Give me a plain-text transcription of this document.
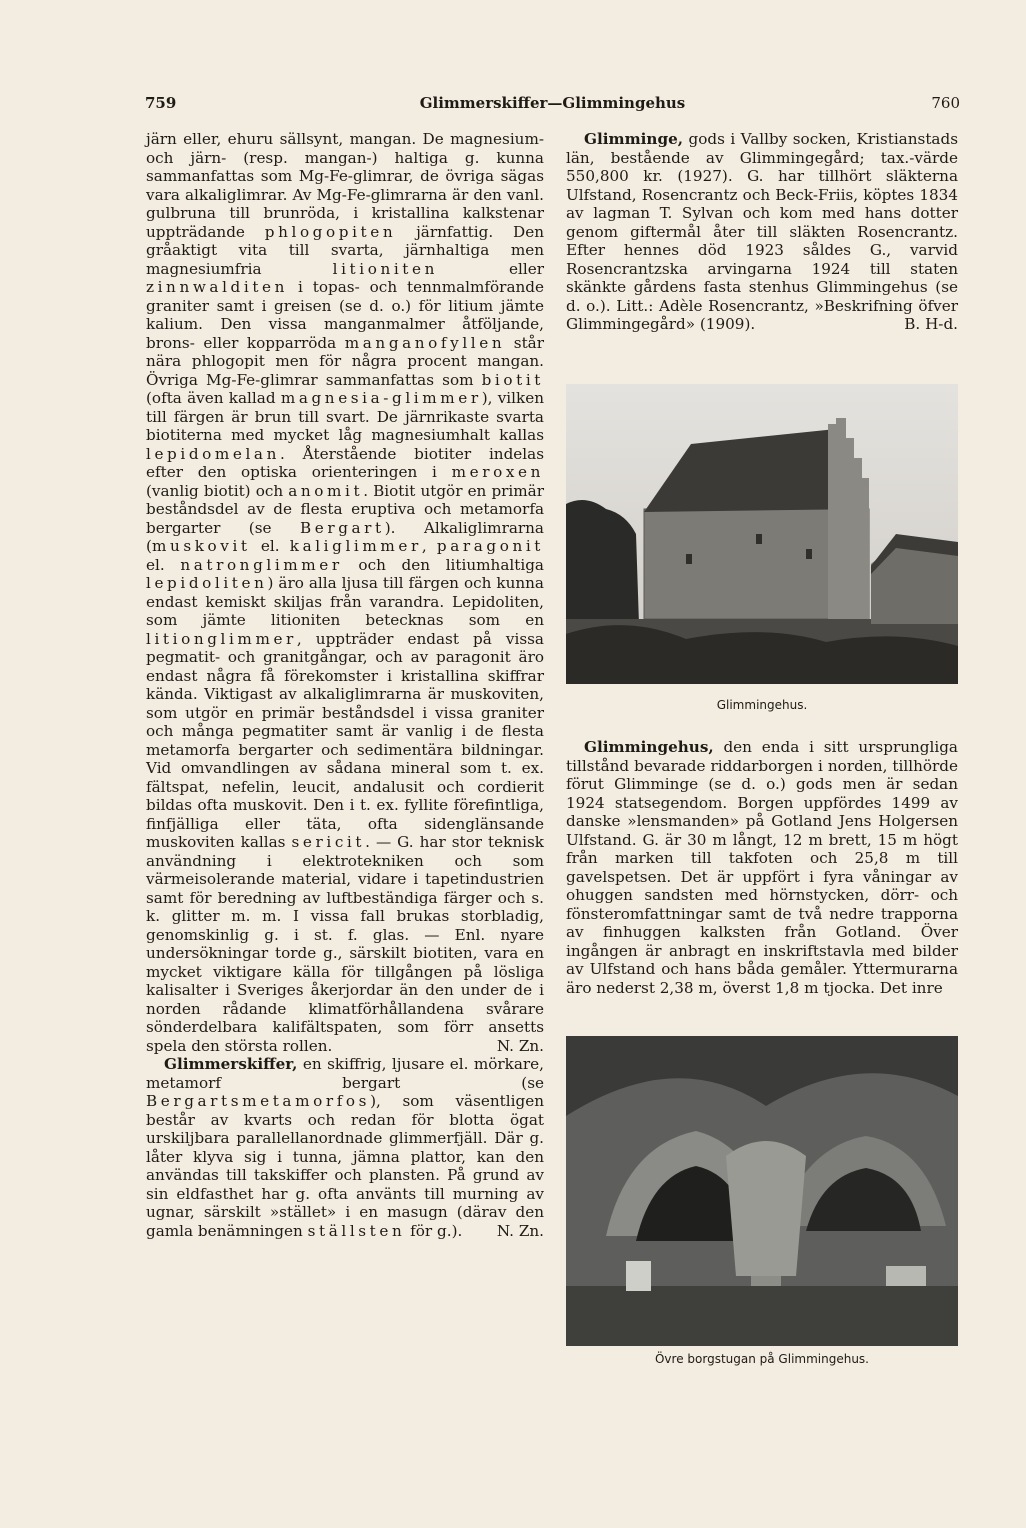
759	Glimmerskiffer—Glimmingehus	760

järn eller, ehuru sällsynt, mangan. De magnesium- och järn- (resp. mangan-) haltiga g. kunna sammanfattas som Mg-Fe-glimrar, de övriga sägas vara alkaliglimrar. Av Mg-Fe-glimrarna är den vanl. gulbruna till brunröda, i kristallina kalkstenar uppträdande phlogopiten järnfattig. Den gråaktigt vita till svarta, järnhaltiga men magnesiumfria litioniten eller zinnwalditen i topas- och tennmalmförande graniter samt i greisen (se d. o.) för litium jämte kalium. Den vissa manganmalmer åtföljande, brons- eller kopparröda manganofyllen står nära phlogopit men för några procent mangan. Övriga Mg-Fe-glimrar sammanfattas som biotit (ofta även kallad magnesia-glimmer), vilken till färgen är brun till svart. De järnrikaste svarta biotiterna med mycket låg magnesiumhalt kallas lepidomelan. Återstående biotiter indelas efter den optiska orienteringen i meroxen (vanlig biotit) och anomit. Biotit utgör en primär beståndsdel av de flesta eruptiva och metamorfa bergarter (se Bergart). Alkaliglimrarna (muskovit el. kaliglimmer, paragonit el. natronglimmer och den litiumhaltiga lepidoliten) äro alla ljusa till färgen och kunna endast kemiskt skiljas från varandra. Lepidoliten, som jämte litioniten betecknas som en litionglimmer, uppträder endast på vissa pegmatit- och granitgångar, och av paragonit äro endast några få förekomster i kristallina skiffrar kända. Viktigast av alkaliglimrarna är muskoviten, som utgör en primär beståndsdel i vissa graniter och många pegmatiter samt är vanlig i de flesta metamorfa bergarter och sedimentära bildningar. Vid omvandlingen av sådana mineral som t. ex. fältspat, nefelin, leucit, andalusit och cordierit bildas ofta muskovit. Den i t. ex. fyllite förefintliga, finfjälliga eller täta, ofta sidenglänsande muskoviten kallas sericit. — G. har stor teknisk användning i elektrotekniken och som värmeisolerande material, vidare i tapetindustrien samt för beredning av luftbeständiga färger och s. k. glitter m. m. I vissa fall brukas storbladig, genomskinlig g. i st. f. glas. — Enl. nyare undersökningar torde g., särskilt biotiten, vara en mycket viktigare källa för tillgången på lösliga kalisalter i Sveriges åkerjordar än den under de i norden rådande klimatförhållandena svårare sönderdelbara kalifältspaten, som förr ansetts spela den största rollen.	N. Zn.

Glimmerskiffer, en skiffrig, ljusare el. mörkare, metamorf bergart (se Bergartsmetamorfos), som väsentligen består av kvarts och redan för blotta ögat urskiljbara parallellanordnade glimmerfjäll. Där g. låter klyva sig i tunna, jämna plattor, kan den användas till takskiffer och plansten. På grund av sin eldfasthet har g. ofta använts till murning av ugnar, särskilt »stället» i en masugn (därav den gamla benämningen ställsten för g.).	N. Zn.

Glimminge, gods i Vallby socken, Kristianstads län, bestående av Glimmingegård; tax.-värde 550,800 kr. (1927). G. har tillhört släkterna Ulfstand, Rosencrantz och Beck-Friis, köptes 1834 av lagman T. Sylvan och kom med hans dotter genom giftermål åter till släkten Rosencrantz. Efter hennes död 1923 såldes G., varvid Rosencrantzska arvingarna 1924 till staten skänkte gårdens fasta stenhus Glimmingehus (se d. o.). Litt.: Adèle Rosencrantz, »Beskrifning öfver Glimmingegård» (1909).	B. H-d.

Glimmingehus.

Glimmingehus, den enda i sitt ursprungliga tillstånd bevarade riddarborgen i norden, tillhörde förut Glimminge (se d. o.) gods men är sedan 1924 statsegendom. Borgen uppfördes 1499 av danske »lensmanden» på Gotland Jens Holgersen Ulfstand. G. är 30 m långt, 12 m brett, 15 m högt från marken till takfoten och 25,8 m till gavelspetsen. Det är uppfört i fyra våningar av ohuggen sandsten med hörnstycken, dörr- och fönsteromfattningar samt de två nedre trapporna av finhuggen kalksten från Gotland. Över ingången är anbragt en inskriftstavla med bilder av Ulfstand och hans båda gemåler. Yttermurarna äro nederst 2,38 m, överst 1,8 m tjocka. Det inre

Övre borgstugan på Glimmingehus.
